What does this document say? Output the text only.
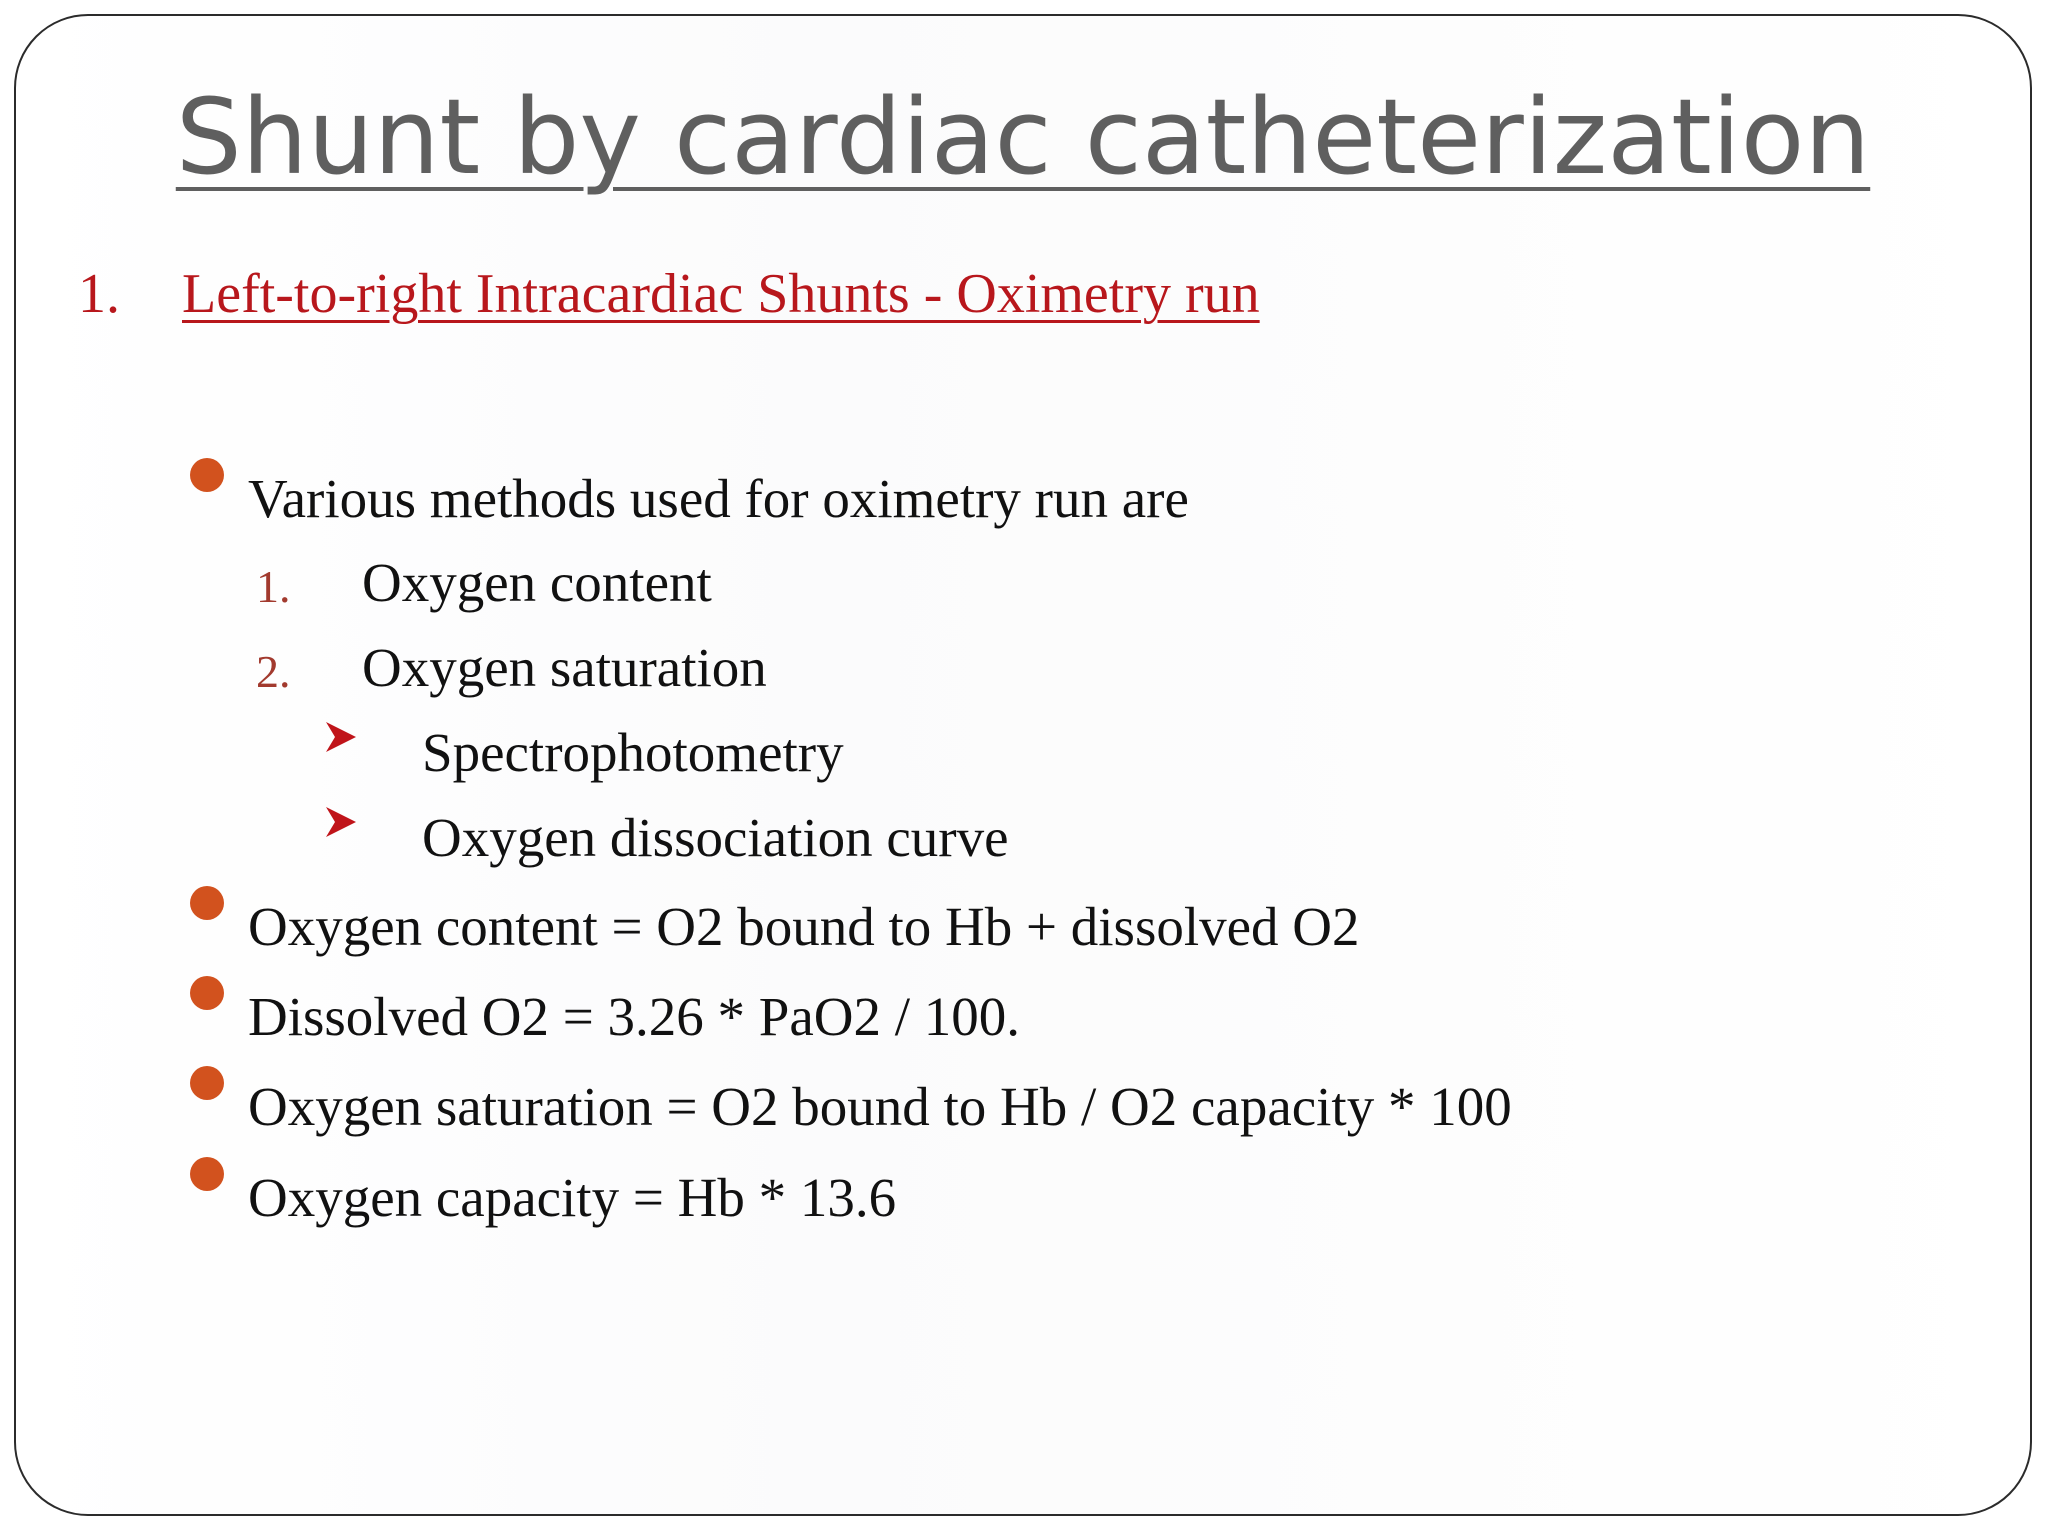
Shunt by cardiac catheterization
1. Left-to-right Intracardiac Shunts - Oximetry run
Various methods used for oximetry run are
1. Oxygen content
2. Oxygen saturation
Spectrophotometry
Oxygen dissociation curve
Oxygen content = O2 bound to Hb + dissolved O2
Dissolved O2 = 3.26 * PaO2 / 100.
Oxygen saturation = O2 bound to Hb / O2 capacity * 100
Oxygen capacity = Hb * 13.6
